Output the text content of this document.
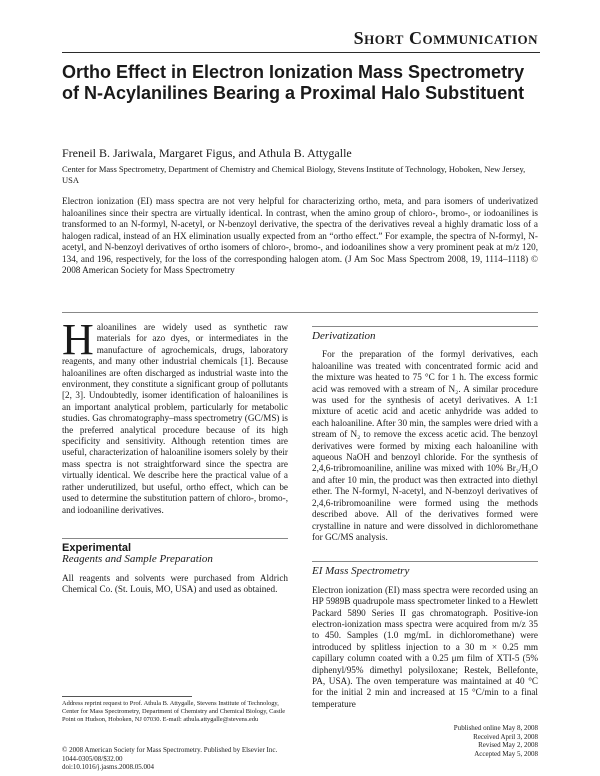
Short Communication
Ortho Effect in Electron Ionization Mass Spectrometry of N-Acylanilines Bearing a Proximal Halo Substituent
Freneil B. Jariwala, Margaret Figus, and Athula B. Attygalle
Center for Mass Spectrometry, Department of Chemistry and Chemical Biology, Stevens Institute of Technology, Hoboken, New Jersey, USA
Electron ionization (EI) mass spectra are not very helpful for characterizing ortho, meta, and para isomers of underivatized haloanilines since their spectra are virtually identical. In contrast, when the amino group of chloro-, bromo-, or iodoanilines is transformed to an N-formyl, N-acetyl, or N-benzoyl derivative, the spectra of the derivatives reveal a highly dramatic loss of a halogen radical, instead of an HX elimination usually expected from an “ortho effect.” For example, the spectra of N-formyl, N-acetyl, and N-benzoyl derivatives of ortho isomers of chloro-, bromo-, and iodoanilines show a very prominent peak at m/z 120, 134, and 196, respectively, for the loss of the corresponding halogen atom. (J Am Soc Mass Spectrom 2008, 19, 1114–1118) © 2008 American Society for Mass Spectrometry
Haloanilines are widely used as synthetic raw materials for azo dyes, or intermediates in the manufacture of agrochemicals, drugs, laboratory reagents, and many other industrial chemicals [1]. Because haloanilines are often discharged as industrial waste into the environment, they constitute a significant group of pollutants [2, 3]. Undoubtedly, isomer identification of haloanilines is an important analytical problem, particularly for metabolic studies. Gas chromatography–mass spectrometry (GC/MS) is the preferred analytical procedure because of its high specificity and sensitivity. Although retention times are useful, characterization of haloaniline isomers solely by their mass spectra is not straightforward since the spectra are virtually identical. We describe here the practical value of a rather underutilized, but useful, ortho effect, which can be used to determine the substitution pattern of chloro-, bromo-, and iodoaniline derivatives.
Experimental
Reagents and Sample Preparation
All reagents and solvents were purchased from Aldrich Chemical Co. (St. Louis, MO, USA) and used as obtained.
Derivatization
For the preparation of the formyl derivatives, each haloaniline was treated with concentrated formic acid and the mixture was heated to 75 °C for 1 h. The excess formic acid was removed with a stream of N₂. A similar procedure was used for the synthesis of acetyl derivatives. A 1:1 mixture of acetic acid and acetic anhydride was added to each haloaniline. After 30 min, the samples were dried with a stream of N₂ to remove the excess acetic acid. The benzoyl derivatives were formed by mixing each haloaniline with aqueous NaOH and benzoyl chloride. For the synthesis of 2,4,6-tribromoaniline, aniline was mixed with 10% Br₂/H₂O and after 10 min, the product was then extracted into diethyl ether. The N-formyl, N-acetyl, and N-benzoyl derivatives of 2,4,6-tribromoaniline were formed using the methods described above. All of the derivatives formed were crystalline in nature and were dissolved in dichloromethane for GC/MS analysis.
EI Mass Spectrometry
Electron ionization (EI) mass spectra were recorded using an HP 5989B quadrupole mass spectrometer linked to a Hewlett Packard 5890 Series II gas chromatograph. Positive-ion electron-ionization mass spectra were acquired from m/z 35 to 450. Samples (1.0 mg/mL in dichloromethane) were introduced by splitless injection to a 30 m × 0.25 mm capillary column coated with a 0.25 μm film of XTI-5 (5% diphenyl/95% dimethyl polysiloxane; Restek, Bellefonte, PA, USA). The oven temperature was maintained at 40 °C for the initial 2 min and increased at 15 °C/min to a final temperature
Address reprint request to Prof. Athula B. Attygalle, Stevens Institute of Technology, Center for Mass Spectrometry, Department of Chemistry and Chemical Biology, Castle Point on Hudson, Hoboken, NJ 07030. E-mail: athula.attygalle@stevens.edu
© 2008 American Society for Mass Spectrometry. Published by Elsevier Inc.
1044-0305/08/$32.00
doi:10.1016/j.jasms.2008.05.004
Published online May 8, 2008
Received April 3, 2008
Revised May 2, 2008
Accepted May 5, 2008
